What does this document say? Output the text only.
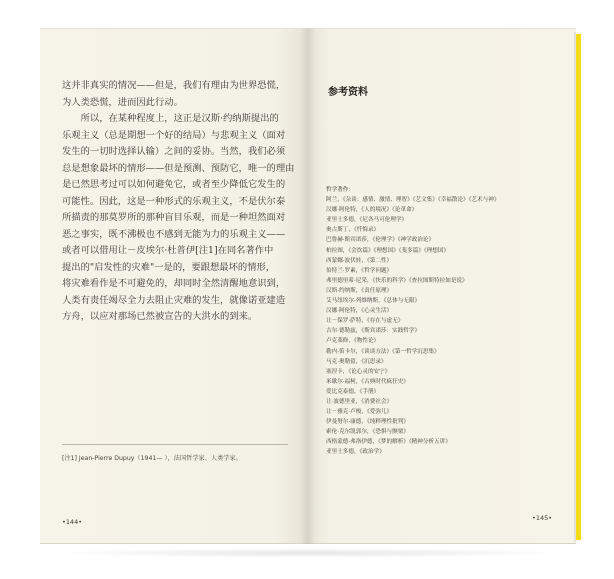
这并非真实的情况——但是，我们有理由为世界恐慌，
为人类恐慌，进而因此行动。
　　所以，在某种程度上，这正是汉斯·约纳斯提出的
乐观主义（总是期想一个好的结局）与悲观主义（面对
发生的一切时选择认输）之间的妥协。当然，我们必须
总是想象最坏的情形——但是预测、预防它，唯一的理由
是已然思考过可以如何避免它，或者至少降低它发生的
可能性。因此，这是一种形式的乐观主义，不是伏尔泰
所描责的那莫罗所的那种盲目乐观，而是一种坦然面对
恶之事实，既不沸极也不感到无能为力的乐观主义——
或者可以借用让－皮埃尔·杜普伊[注1]在同名著作中
提出的"启发性的灾难"一是的，要跟想最坏的情形，
将灾难看作是不可避免的，却同时全然清醒地意识到，
人类有责任竭尽全力去阻止灾难的发生，就像诺亚建造
方舟，以应对那场已然被宣告的大洪水的到来。
[注1] Jean-Pierre Dupuy（1941— ），法国哲学家、人类学家。
•144•
参考资料
哲学著作：
阿兰，《杂谈：感情、激情、理智》《艺文集》《幸福散论》《艺术与神》
汉娜·阿伦特，《人的境况》《论革命》
亚里士多德，《尼各马可伦理学》
奥古斯丁，《忏悔录》
巴鲁赫·斯宾诺莎，《伦理学》《神学政治论》
柏拉图，《会饮篇》《理想国》《斐多篇》《理想国》
西蒙娜·波伏娃，《第二性》
伯特兰·罗素，《哲学问题》
弗里德里希·尼采，《快乐的科学》《查拉图斯特拉如是说》
汉斯·约纳斯，《责任原理》
艾马纽埃尔·列维纳斯，《总体与无限》
汉娜·阿伦特，《心灵生活》
让－保罗·萨特，《存在与虚无》
吉尔·德勒兹，《斯宾诺莎：实践哲学》
卢克莱修，《物性论》
勒内·笛卡尔，《谈谈方法》《第一哲学沉思集》
马克·奥勒留，《沉思录》
塞涅卡，《论心灵的安宁》
米歇尔·福柯，《古典时代疯狂史》
爱比克泰德，《手册》
让·波德里亚，《消费社会》
让－雅克·卢梭，《爱弥儿》
伊曼努尔·康德，《纯粹理性批判》
索伦·克尔凯郭尔，《恐惧与颤栗》
西格蒙德·弗洛伊德，《梦的解析》《精神分析五讲》
亚里士多德，《政治学》
•145•
